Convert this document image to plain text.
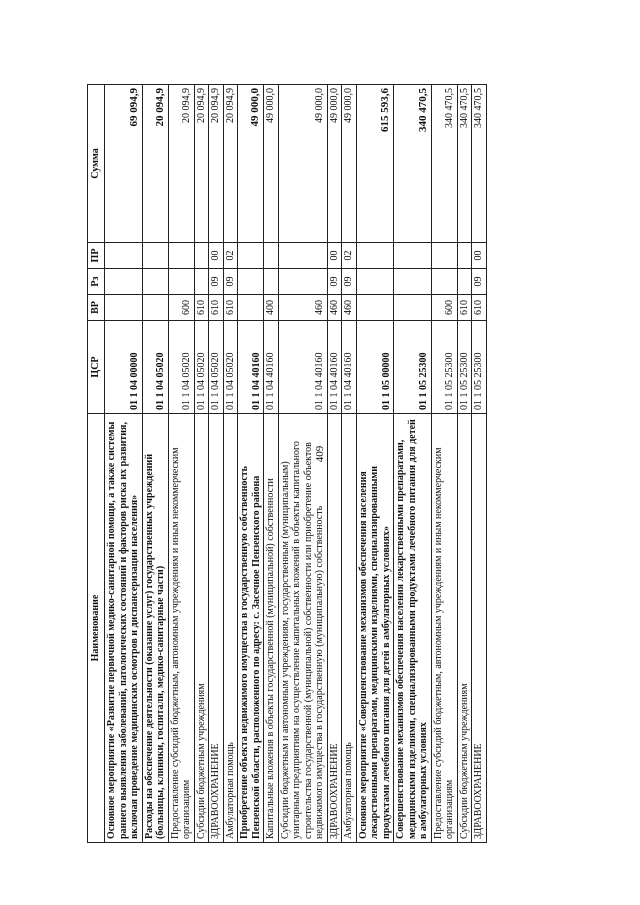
409
Наименование	ЦСР	ВР	Рз	ПР	Сумма
Основное мероприятие «Развитие первичной медико-санитарной помощи, а также системы раннего выявления заболеваний, патологических состояний и факторов риска их развития, включая проведение медицинских осмотров и диспансеризации населения»	01 1 04 00000				69 094,9
Расходы на обеспечение деятельности (оказание услуг) государственных учреждений (больницы, клиники, госпитали, медико-санитарные части)	01 1 04 05020				20 094,9
Предоставление субсидий бюджетным, автономным учреждениям и иным некоммерческим организациям	01 1 04 05020	600			20 094,9
Субсидии бюджетным учреждениям	01 1 04 05020	610			20 094,9
ЗДРАВООХРАНЕНИЕ	01 1 04 05020	610	09	00	20 094,9
Амбулаторная помощь	01 1 04 05020	610	09	02	20 094,9
Приобретение объекта недвижимого имущества в государственную собственность Пензенской области, расположенного по адресу: с. Засечное Пензенского района	01 1 04 40160				49 000,0
Капитальные вложения в объекты государственной (муниципальной) собственности	01 1 04 40160	400			49 000,0
Субсидии бюджетным и автономным учреждениям, государственным (муниципальным) унитарным предприятиям на осуществление капитальных вложений в объекты капитального строительства государственной (муниципальной) собственности или приобретение объектов недвижимого имущества в государственную (муниципальную) собственность	01 1 04 40160	460			49 000,0
ЗДРАВООХРАНЕНИЕ	01 1 04 40160	460	09	00	49 000,0
Амбулаторная помощь	01 1 04 40160	460	09	02	49 000,0
Основное мероприятие «Совершенствование механизмов обеспечения населения лекарственными препаратами, медицинскими изделиями, специализированными продуктами лечебного питания для детей в амбулаторных условиях»	01 1 05 00000				615 593,6
Совершенствование механизмов обеспечения населения лекарственными препаратами, медицинскими изделиями, специализированными продуктами лечебного питания для детей в амбулаторных условиях	01 1 05 25300				340 470,5
Предоставление субсидий бюджетным, автономным учреждениям и иным некоммерческим организациям	01 1 05 25300	600			340 470,5
Субсидии бюджетным учреждениям	01 1 05 25300	610			340 470,5
ЗДРАВООХРАНЕНИЕ	01 1 05 25300	610	09	00	340 470,5
